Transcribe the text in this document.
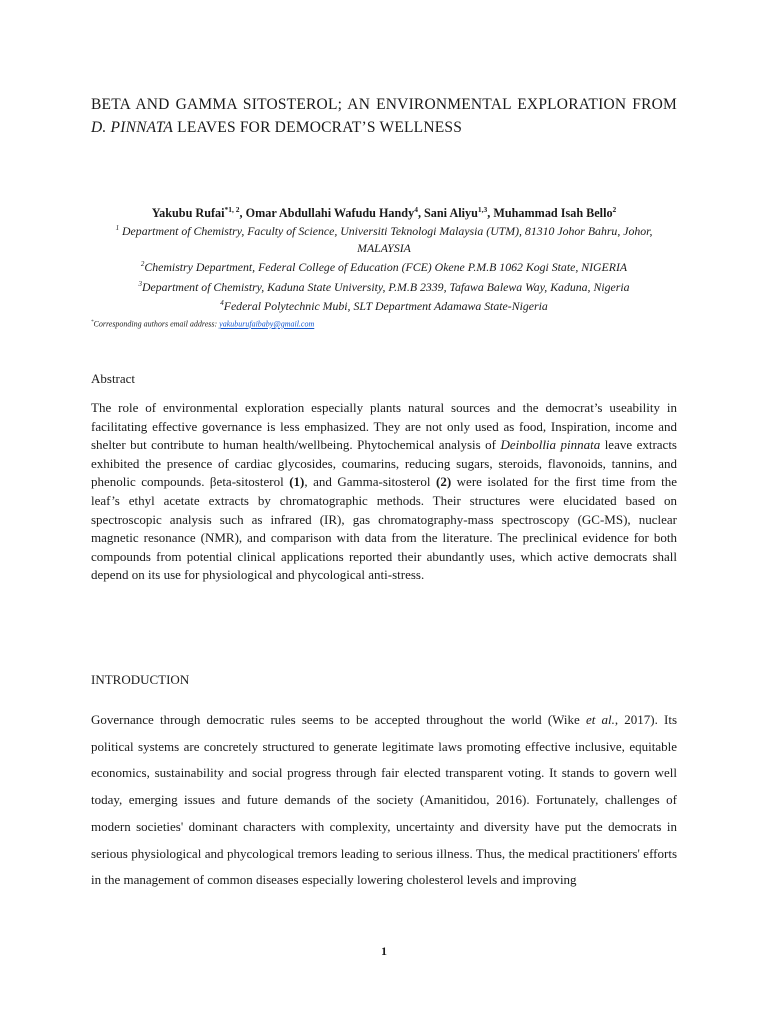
BETA AND GAMMA SITOSTEROL; AN ENVIRONMENTAL EXPLORATION FROM D. PINNATA LEAVES FOR DEMOCRAT’S WELLNESS
Yakubu Rufai$^{*1, 2}$, Omar Abdullahi Wafudu Handy$^4$, Sani Aliyu$^{1,3}$, Muhammad Isah Bello$^2$
$^1$ Department of Chemistry, Faculty of Science, Universiti Teknologi Malaysia (UTM), 81310 Johor Bahru, Johor, MALAYSIA
$^2$Chemistry Department, Federal College of Education (FCE) Okene P.M.B 1062 Kogi State, NIGERIA
$^3$Department of Chemistry, Kaduna State University, P.M.B 2339, Tafawa Balewa Way, Kaduna, Nigeria
$^4$Federal Polytechnic Mubi, SLT Department Adamawa State-Nigeria
*Corresponding authors email address: yakuburufaibaby@gmail.com
Abstract
The role of environmental exploration especially plants natural sources and the democrat’s useability in facilitating effective governance is less emphasized. They are not only used as food, Inspiration, income and shelter but contribute to human health/wellbeing. Phytochemical analysis of Deinbollia pinnata leave extracts exhibited the presence of cardiac glycosides, coumarins, reducing sugars, steroids, flavonoids, tannins, and phenolic compounds. βeta-sitosterol (1), and Gamma-sitosterol (2) were isolated for the first time from the leaf’s ethyl acetate extracts by chromatographic methods. Their structures were elucidated based on spectroscopic analysis such as infrared (IR), gas chromatography-mass spectroscopy (GC-MS), nuclear magnetic resonance (NMR), and comparison with data from the literature. The preclinical evidence for both compounds from potential clinical applications reported their abundantly uses, which active democrats shall depend on its use for physiological and phycological anti-stress.
INTRODUCTION
Governance through democratic rules seems to be accepted throughout the world (Wike et al., 2017). Its political systems are concretely structured to generate legitimate laws promoting effective inclusive, equitable economics, sustainability and social progress through fair elected transparent voting. It stands to govern well today, emerging issues and future demands of the society (Amanitidou, 2016). Fortunately, challenges of modern societies' dominant characters with complexity, uncertainty and diversity have put the democrats in serious physiological and phycological tremors leading to serious illness. Thus, the medical practitioners' efforts in the management of common diseases especially lowering cholesterol levels and improving
1
